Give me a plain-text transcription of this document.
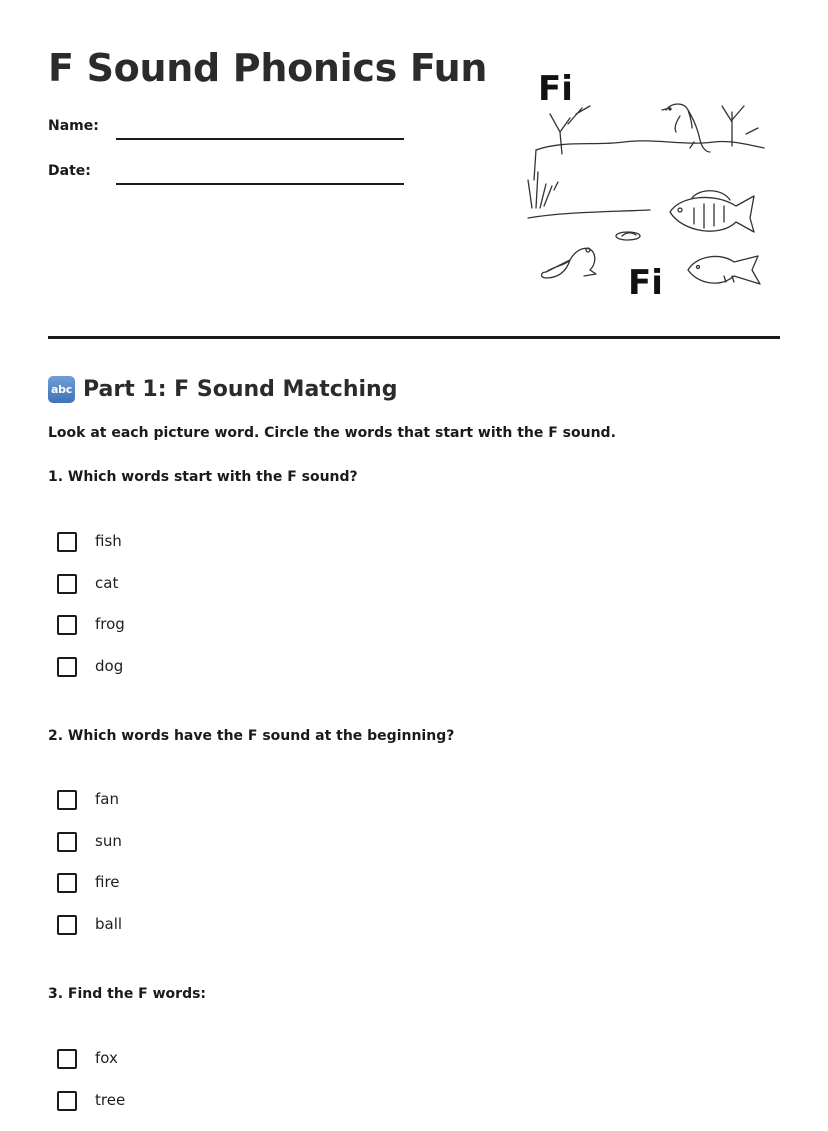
F Sound Phonics Fun
Name:
Date:
Fi
Fi
abc Part 1: F Sound Matching

Look at each picture word. Circle the words that start with the F sound.

1. Which words start with the F sound?

fish
cat
frog
dog

2. Which words have the F sound at the beginning?

fan
sun
fire
ball

3. Find the F words:

fox
tree
